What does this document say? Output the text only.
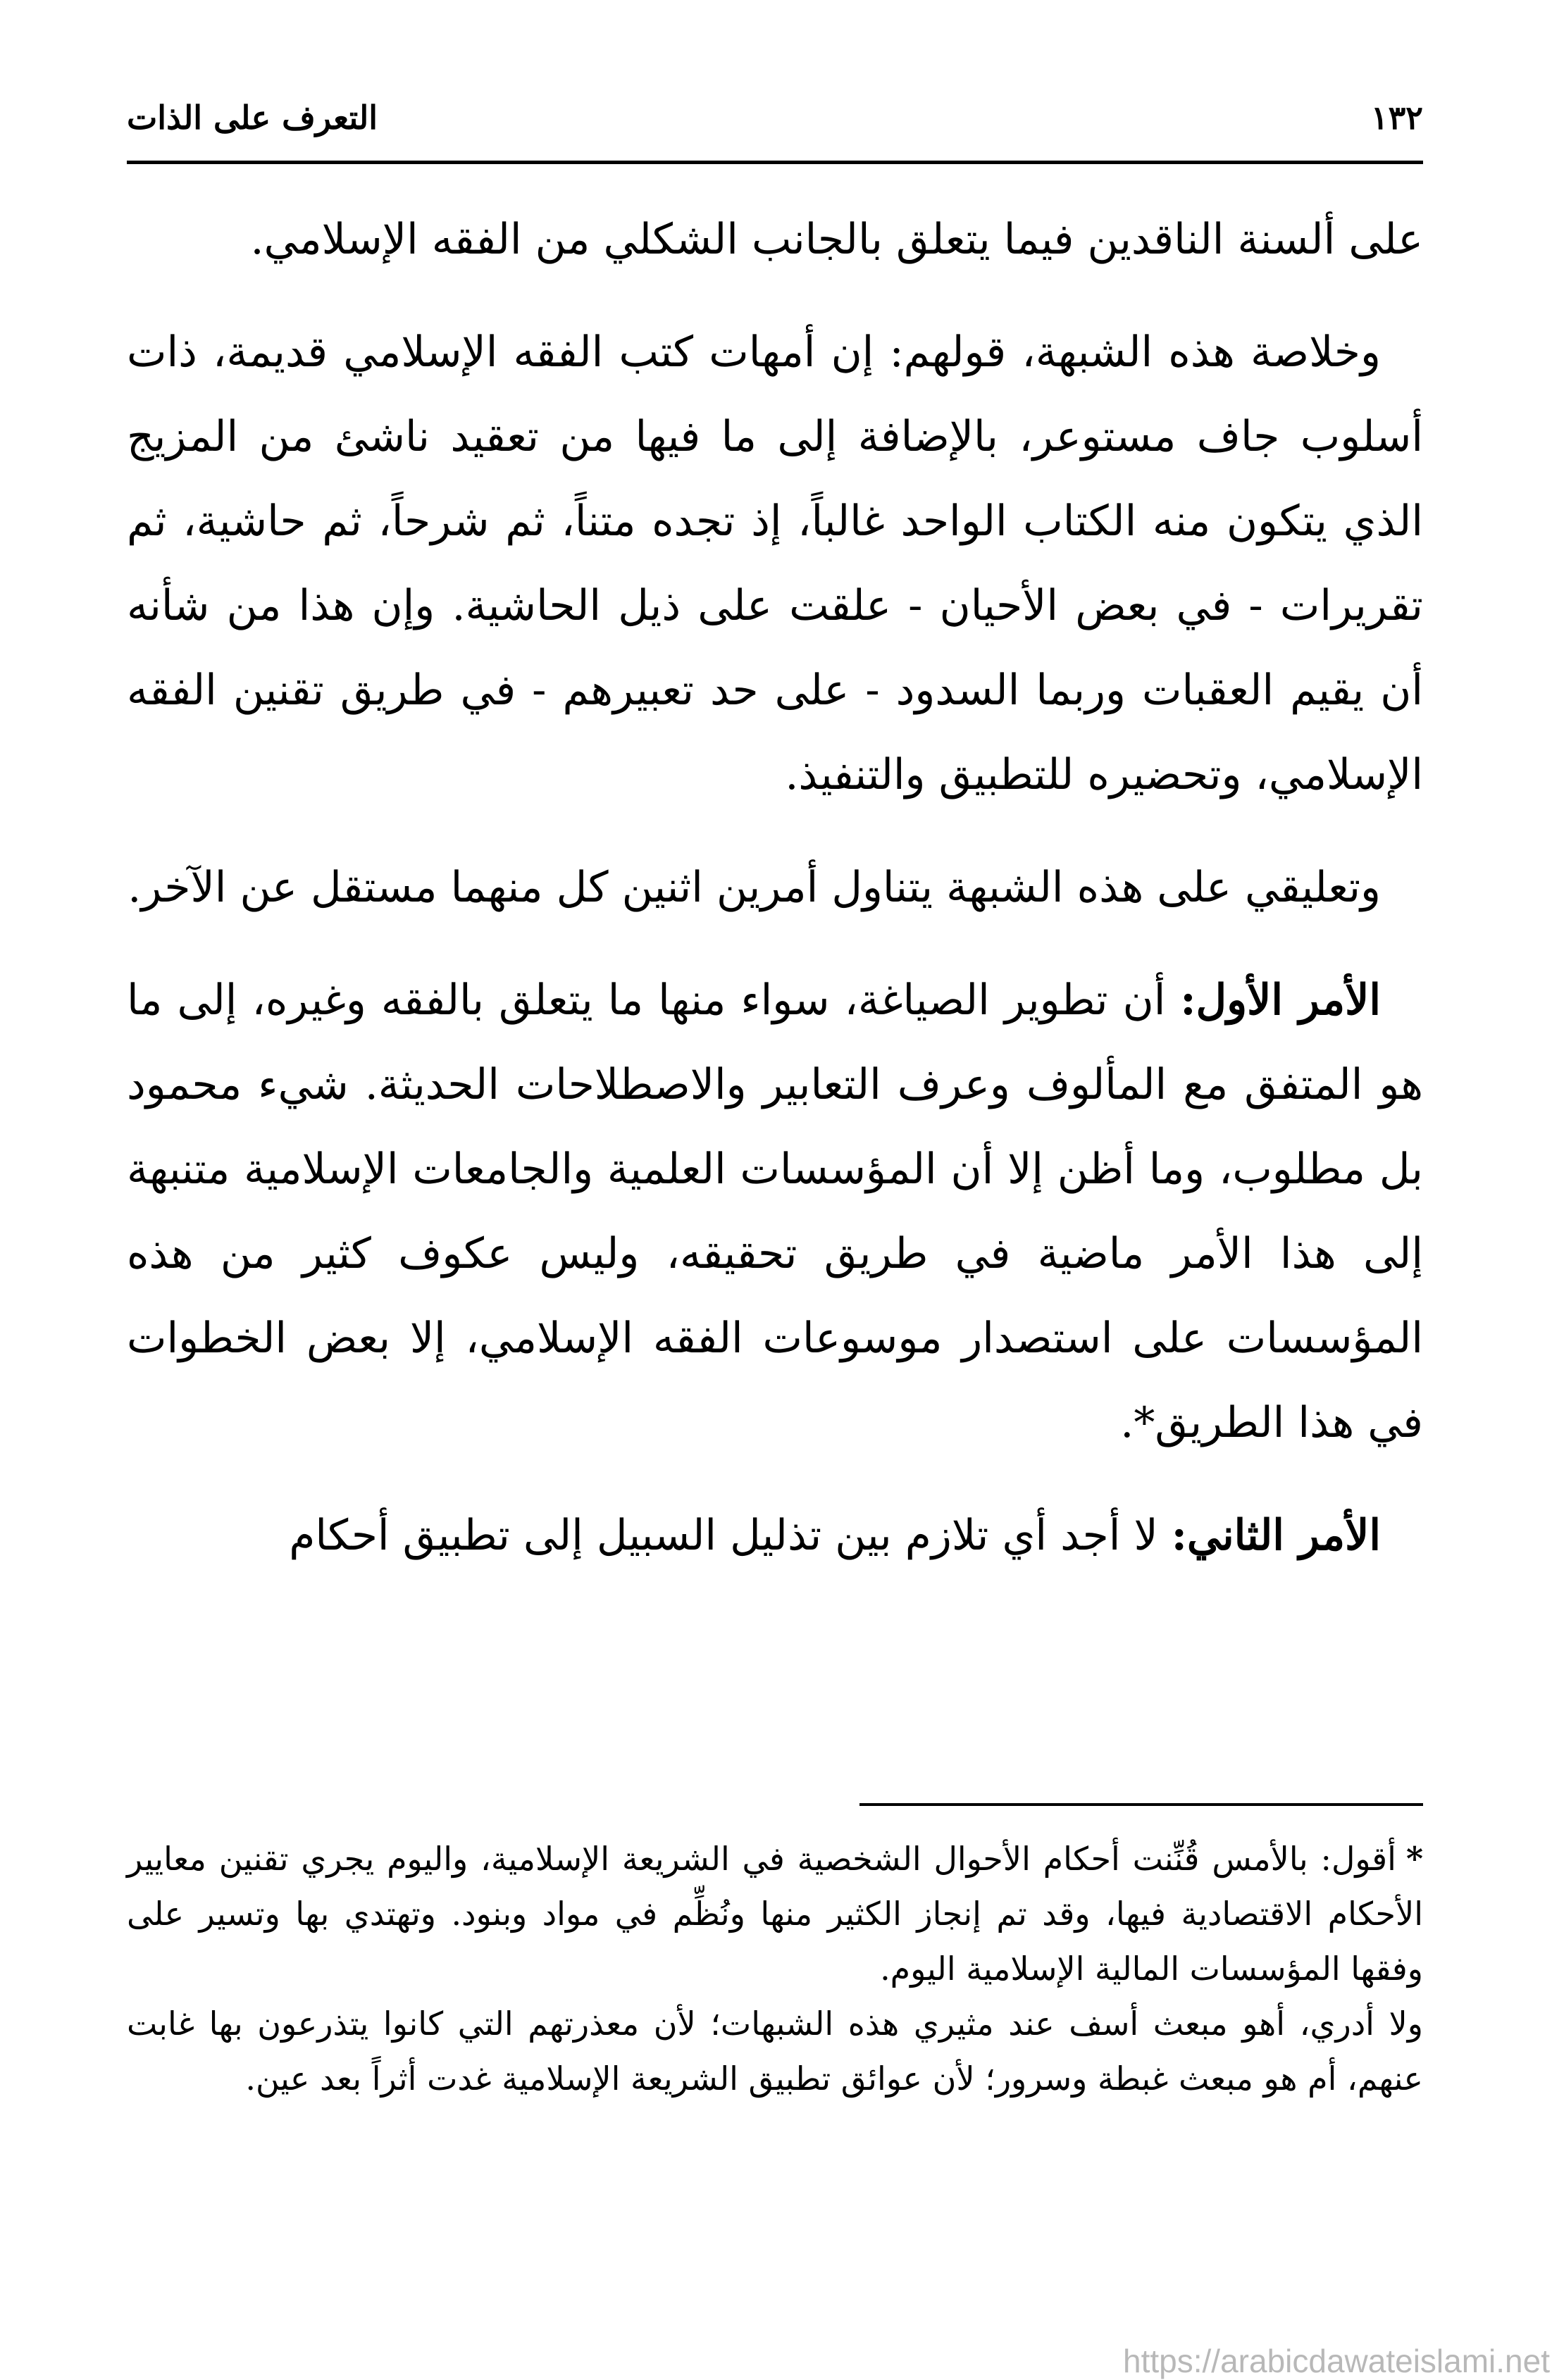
١٣٢
التعرف على الذات

على ألسنة الناقدين فيما يتعلق بالجانب الشكلي من الفقه الإسلامي.

وخلاصة هذه الشبهة، قولهم: إن أمهات كتب الفقه الإسلامي قديمة، ذات أسلوب جاف مستوعر، بالإضافة إلى ما فيها من تعقيد ناشئ من المزيج الذي يتكون منه الكتاب الواحد غالباً، إذ تجده متناً، ثم شرحاً، ثم حاشية، ثم تقريرات - في بعض الأحيان - علقت على ذيل الحاشية. وإن هذا من شأنه أن يقيم العقبات وربما السدود - على حد تعبيرهم - في طريق تقنين الفقه الإسلامي، وتحضيره للتطبيق والتنفيذ.

وتعليقي على هذه الشبهة يتناول أمرين اثنين كل منهما مستقل عن الآخر.

الأمر الأول: أن تطوير الصياغة، سواء منها ما يتعلق بالفقه وغيره، إلى ما هو المتفق مع المألوف وعرف التعابير والاصطلاحات الحديثة. شيء محمود بل مطلوب، وما أظن إلا أن المؤسسات العلمية والجامعات الإسلامية متنبهة إلى هذا الأمر ماضية في طريق تحقيقه، وليس عكوف كثير من هذه المؤسسات على استصدار موسوعات الفقه الإسلامي، إلا بعض الخطوات في هذا الطريق*.

الأمر الثاني: لا أجد أي تلازم بين تذليل السبيل إلى تطبيق أحكام

*أقول: بالأمس قُنِّنت أحكام الأحوال الشخصية في الشريعة الإسلامية، واليوم يجري تقنين معايير الأحكام الاقتصادية فيها، وقد تم إنجاز الكثير منها ونُظِّم في مواد وبنود. وتهتدي بها وتسير على وفقها المؤسسات المالية الإسلامية اليوم.

ولا أدري، أهو مبعث أسف عند مثيري هذه الشبهات؛ لأن معذرتهم التي كانوا يتذرعون بها غابت عنهم، أم هو مبعث غبطة وسرور؛ لأن عوائق تطبيق الشريعة الإسلامية غدت أثراً بعد عين.

https://arabicdawateislami.net
